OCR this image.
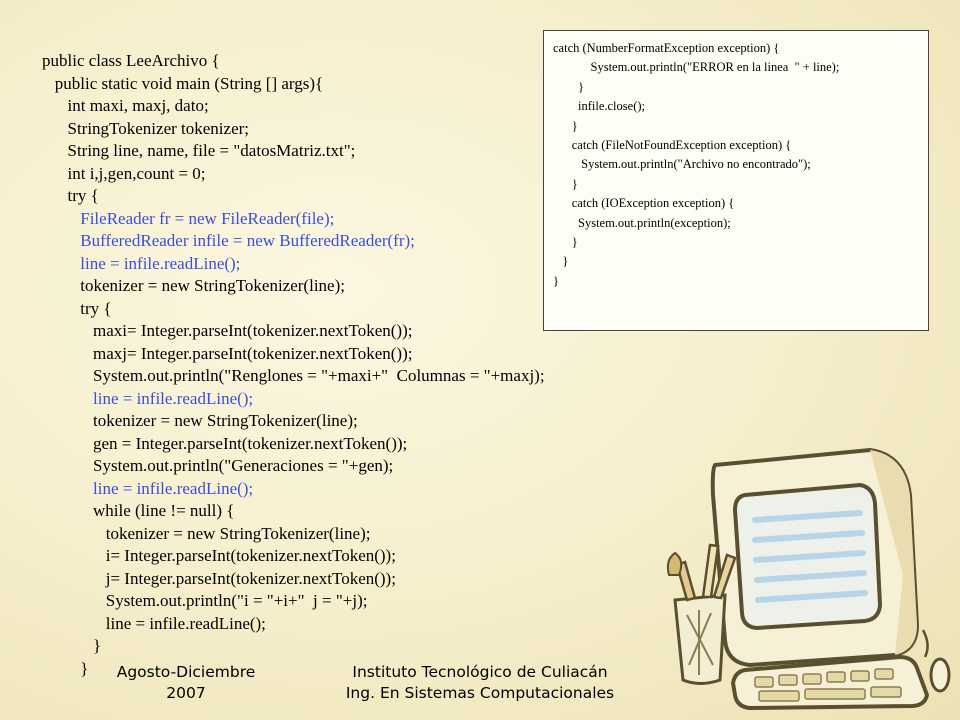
public class LeeArchivo {
public static void main (String [] args){
int maxi, maxj, dato;
StringTokenizer tokenizer;
String line, name, file = "datosMatriz.txt";
int i,j,gen,count = 0;
try {
FileReader fr = new FileReader(file);
BufferedReader infile = new BufferedReader(fr);
line = infile.readLine();
tokenizer = new StringTokenizer(line);
try {
maxi= Integer.parseInt(tokenizer.nextToken());
maxj= Integer.parseInt(tokenizer.nextToken());
System.out.println("Renglones = "+maxi+"  Columnas = "+maxj);
line = infile.readLine();
tokenizer = new StringTokenizer(line);
gen = Integer.parseInt(tokenizer.nextToken());
System.out.println("Generaciones = "+gen);
line = infile.readLine();
while (line != null) {
tokenizer = new StringTokenizer(line);
i= Integer.parseInt(tokenizer.nextToken());
j= Integer.parseInt(tokenizer.nextToken());
System.out.println("i = "+i+"  j = "+j);
line = infile.readLine();
}
}
catch (NumberFormatException exception) {
System.out.println("ERROR en la linea  " + line);
}
infile.close();
}
catch (FileNotFoundException exception) {
System.out.println("Archivo no encontrado");
}
catch (IOException exception) {
System.out.println(exception);
}
}
}
Agosto-Diciembre
2007
Instituto Tecnológico de Culiacán
Ing. En Sistemas Computacionales
